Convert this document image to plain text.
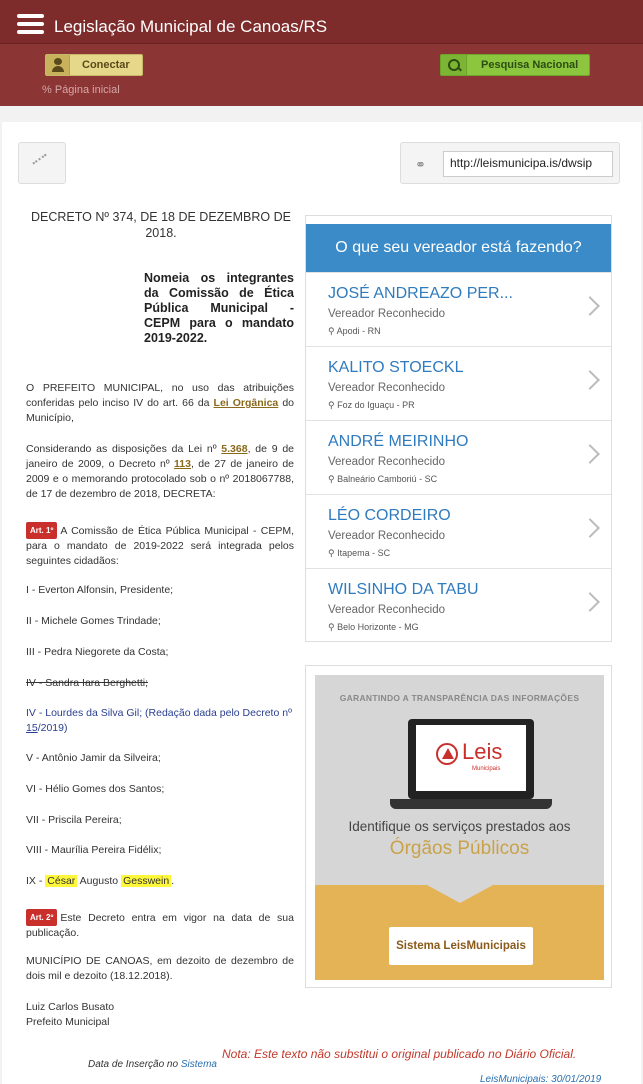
Legislação Municipal de Canoas/RS
Conectar
% Página inicial
Pesquisa Nacional
⚭	http://leismunicipa.is/dwsip
DECRETO Nº 374, DE 18 DE DEZEMBRO DE 2018.
Nomeia os integrantes da Comissão de Ética Pública Municipal - CEPM para o mandato 2019-2022.
O PREFEITO MUNICIPAL, no uso das atribuições conferidas pelo inciso IV do art. 66 da Lei Orgânica do Município,
Considerando as disposições da Lei nº 5.368, de 9 de janeiro de 2009, o Decreto nº 113, de 27 de janeiro de 2009 e o memorando protocolado sob o nº 2018067788, de 17 de dezembro de 2018, DECRETA:
Art. 1º A Comissão de Ética Pública Municipal - CEPM, para o mandato de 2019-2022 será integrada pelos seguintes cidadãos:
I - Everton Alfonsin, Presidente;
II - Michele Gomes Trindade;
III - Pedra Niegorete da Costa;
IV - Sandra Iara Berghetti;
IV - Lourdes da Silva Gil; (Redação dada pelo Decreto nº 15/2019)
V - Antônio Jamir da Silveira;
VI - Hélio Gomes dos Santos;
VII - Priscila Pereira;
VIII - Maurília Pereira Fidélix;
IX - César Augusto Gesswein .
Art. 2º Este Decreto entra em vigor na data de sua publicação.
MUNICÍPIO DE CANOAS, em dezoito de dezembro de dois mil e dezoito (18.12.2018).
Luiz Carlos Busato
Prefeito Municipal
O que seu vereador está fazendo?
JOSÉ ANDREAZO PER...
Vereador Reconhecido
⚲ Apodi - RN
KALITO STOECKL
Vereador Reconhecido
⚲ Foz do Iguaçu - PR
ANDRÉ MEIRINHO
Vereador Reconhecido
⚲ Balneário Camboriú - SC
LÉO CORDEIRO
Vereador Reconhecido
⚲ Itapema - SC
WILSINHO DA TABU
Vereador Reconhecido
⚲ Belo Horizonte - MG
GARANTINDO A TRANSPARÊNCIA DAS INFORMAÇÕES
Leis
Municipais
Identifique os serviços prestados aos
Órgãos Públicos
Sistema LeisMunicipais
Nota: Este texto não substitui o original publicado no Diário Oficial.
Data de Inserção no Sistema
LeisMunicipais: 30/01/2019
